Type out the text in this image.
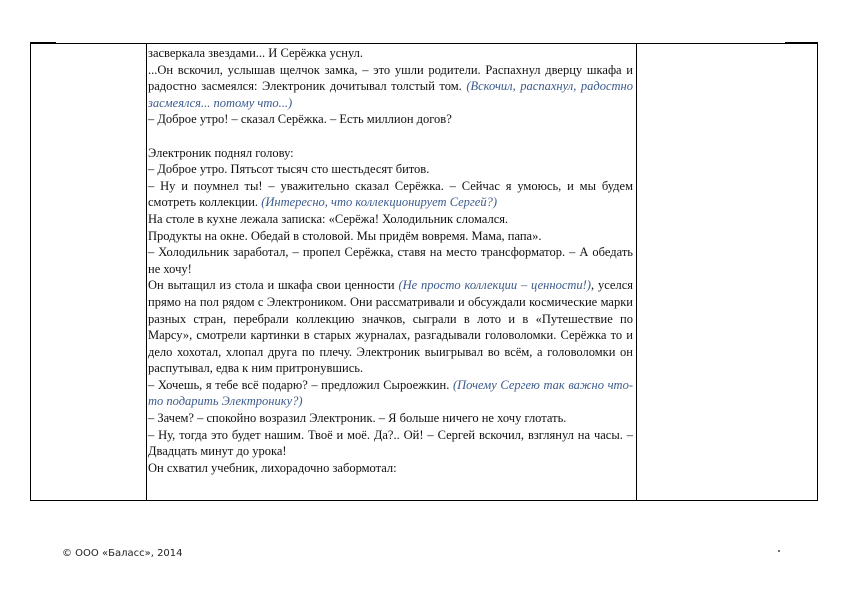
засверкала звездами... И Серёжка уснул.

...Он вскочил, услышав щелчок замка, – это ушли родители. Распахнул дверцу шкафа и радостно засмеялся: Электроник дочитывал толстый том. (Вскочил, распахнул, радостно засмеялся... потому что...)

– Доброе утро! – сказал Серёжка. – Есть миллион догов?

Электроник поднял голову:

– Доброе утро. Пятьсот тысяч сто шестьдесят битов.

– Ну и поумнел ты! – уважительно сказал Серёжка. – Сейчас я умоюсь, и мы будем смотреть коллекции. (Интересно, что коллекционирует Сергей?)

На столе в кухне лежала записка: «Серёжа! Холодильник сломался.

Продукты на окне. Обедай в столовой. Мы придём вовремя. Мама, папа».

– Холодильник заработал, – пропел Серёжка, ставя на место трансформатор. – А обедать не хочу!

Он вытащил из стола и шкафа свои ценности (Не просто коллекции – ценности!), уселся прямо на пол рядом с Электроником. Они рассматривали и обсуждали космические марки разных стран, перебрали коллекцию значков, сыграли в лото и в «Путешествие по Марсу», смотрели картинки в старых журналах, разгадывали головоломки. Серёжка то и дело хохотал, хлопал друга по плечу. Электроник выигрывал во всём, а головоломки он распутывал, едва к ним притронувшись.

– Хочешь, я тебе всё подарю? – предложил Сыроежкин. (Почему Сергею так важно что-то подарить Электронику?)

– Зачем? – спокойно возразил Электроник. – Я больше ничего не хочу глотать.

– Ну, тогда это будет нашим. Твоё и моё. Да?.. Ой! – Сергей вскочил, взглянул на часы. – Двадцать минут до урока!

Он схватил учебник, лихорадочно забормотал:

© ООО «Баласс», 2014
